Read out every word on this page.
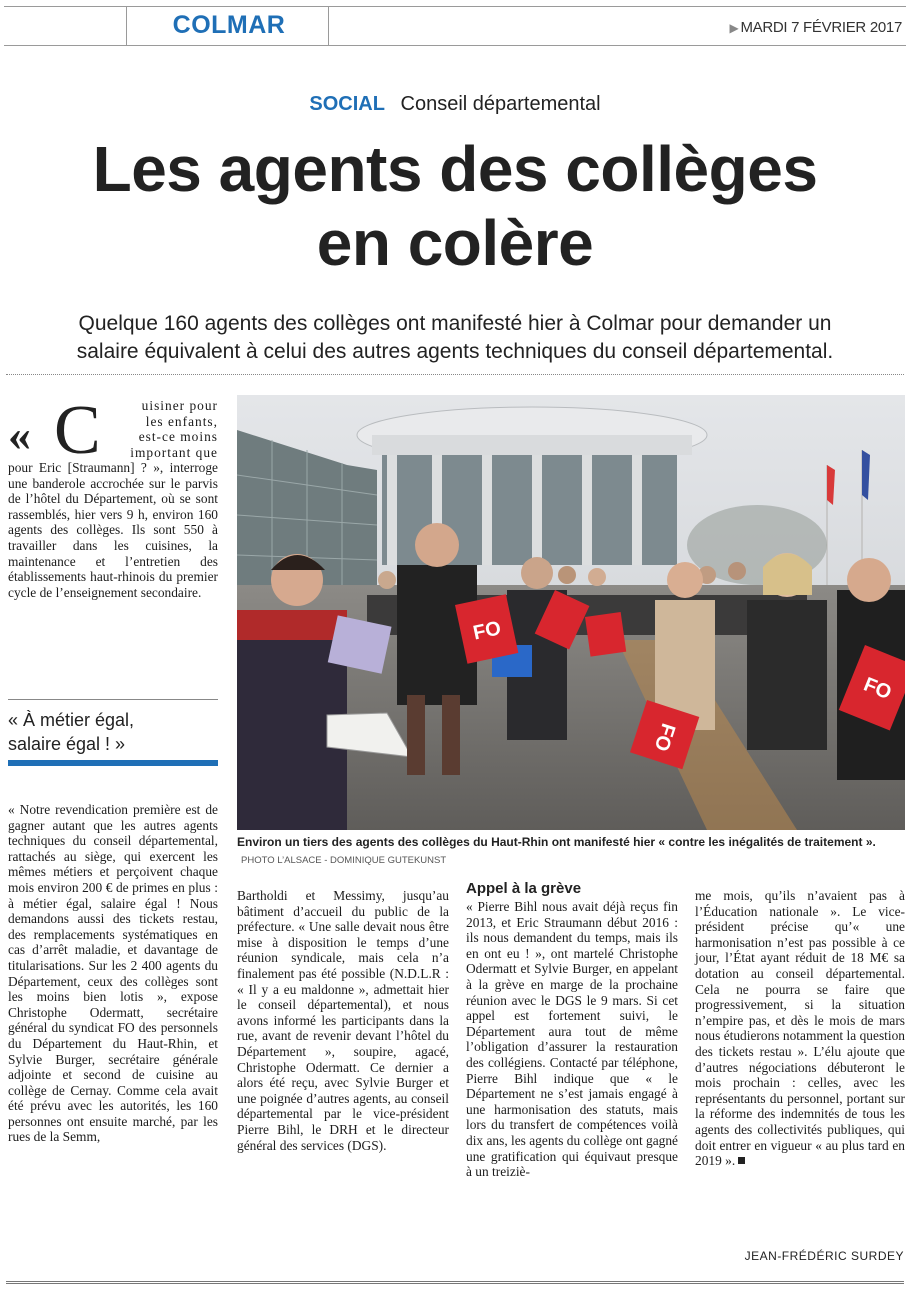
COLMAR	▶ MARDI 7 FÉVRIER 2017
SOCIAL Conseil départemental
Les agents des collèges
en colère
Quelque 160 agents des collèges ont manifesté hier à Colmar pour demander un
salaire équivalent à celui des autres agents techniques du conseil départemental.
« C	uisiner pour
les enfants,
est-ce moins
important que

pour Eric [Straumann] ? », interroge une banderole accrochée sur le parvis de l’hôtel du Département, où se sont rassemblés, hier vers 9 h, environ 160 agents des collèges. Ils sont 550 à travailler dans les cuisines, la maintenance et l’entretien des établissements haut-rhinois du premier cycle de l’enseignement secondaire.

« À métier égal,
salaire égal ! »
FO
FO
FO
Environ un tiers des agents des collèges du Haut-Rhin ont manifesté hier « contre les inégalités de traitement ». PHOTO L’ALSACE - DOMINIQUE GUTEKUNST

« Notre revendication première est de gagner autant que les autres agents techniques du conseil départemental, rattachés au siège, qui exercent les mêmes métiers et perçoivent chaque mois environ 200 € de primes en plus : à métier égal, salaire égal ! Nous demandons aussi des tickets restau, des remplacements systématiques en cas d’arrêt maladie, et davantage de titularisations. Sur les 2 400 agents du Département, ceux des collèges sont les moins bien lotis », expose Christophe Odermatt, secrétaire général du syndicat FO des personnels du Département du Haut-Rhin, et Sylvie Burger, secrétaire générale adjointe et second de cuisine au collège de Cernay. Comme cela avait été prévu avec les autorités, les 160 personnes ont ensuite marché, par les rues de la Semm,

Bartholdi et Messimy, jusqu’au bâtiment d’accueil du public de la préfecture. « Une salle devait nous être mise à disposition le temps d’une réunion syndicale, mais cela n’a finalement pas été possible (N.D.L.R : « Il y a eu maldonne », admettait hier le conseil départemental), et nous avons informé les participants dans la rue, avant de revenir devant l’hôtel du Département », soupire, agacé, Christophe Odermatt. Ce dernier a alors été reçu, avec Sylvie Burger et une poignée d’autres agents, au conseil départemental par le vice-président Pierre Bihl, le DRH et le directeur général des services (DGS).

Appel à la grève

« Pierre Bihl nous avait déjà reçus fin 2013, et Eric Straumann début 2016 : ils nous demandent du temps, mais ils en ont eu ! », ont martelé Christophe Odermatt et Sylvie Burger, en appelant à la grève en marge de la prochaine réunion avec le DGS le 9 mars. Si cet appel est fortement suivi, le Département aura tout de même l’obligation d’assurer la restauration des collégiens. Contacté par téléphone, Pierre Bihl indique que « le Département ne s’est jamais engagé à une harmonisation des statuts, mais lors du transfert de compétences voilà dix ans, les agents du collège ont gagné une gratification qui équivaut presque à un treiziè-

me mois, qu’ils n’avaient pas à l’Éducation nationale ». Le vice-président précise qu’« une harmonisation n’est pas possible à ce jour, l’État ayant réduit de 18 M€ sa dotation au conseil départemental. Cela ne pourra se faire que progressivement, si la situation n’empire pas, et dès le mois de mars nous étudierons notamment la question des tickets restau ». L’élu ajoute que d’autres négociations débuteront le mois prochain : celles, avec les représentants du personnel, portant sur la réforme des indemnités de tous les agents des collectivités publiques, qui doit entrer en vigueur « au plus tard en 2019 ».

JEAN-FRÉDÉRIC SURDEY
